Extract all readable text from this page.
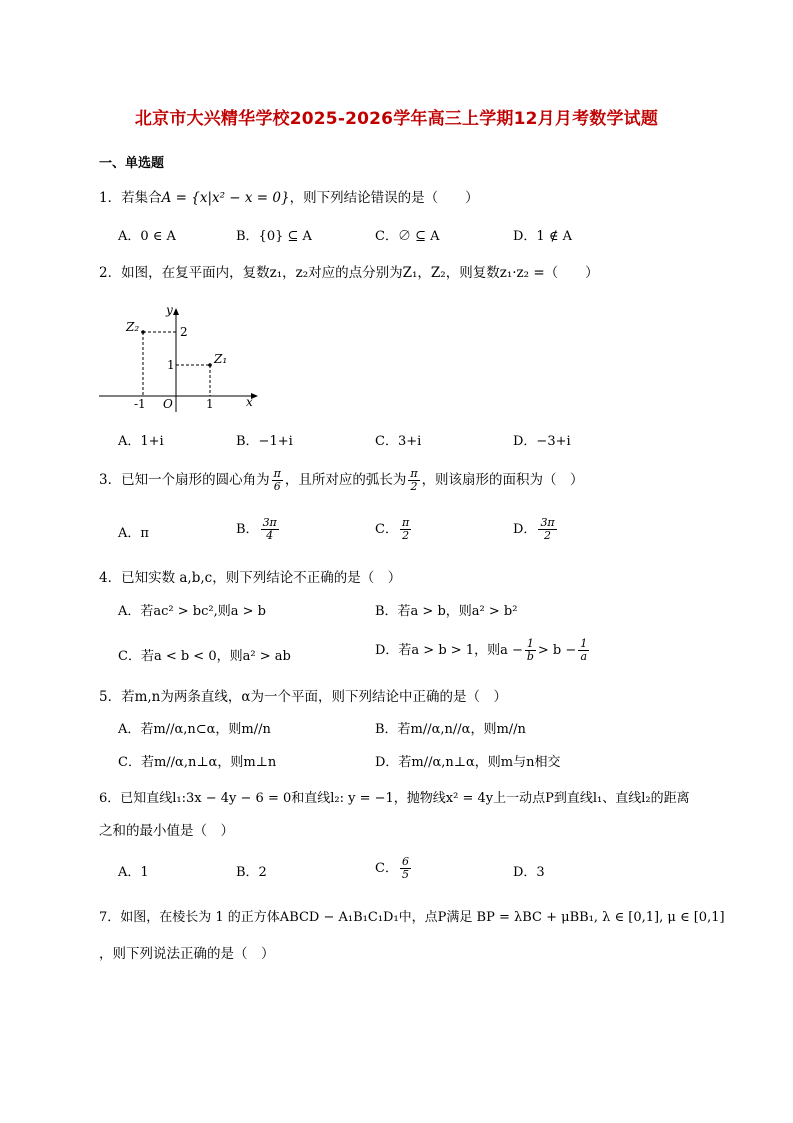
北京市大兴精华学校2025-2026学年高三上学期12月月考数学试题
一、单选题
1．若集合A = {x|x² − x = 0}，则下列结论错误的是（　　）
A．0 ∈ A	B．{0} ⊆ A	C．∅ ⊆ A	D．1 ∉ A
2．如图，在复平面内，复数z₁，z₂对应的点分别为Z₁，Z₂，则复数z₁·z₂ =（　　）
y
x
O
Z₂
Z₁
2
1
-1	1
A．1+i	B．−1+i	C．3+i	D．−3+i
3．已知一个扇形的圆心角为 $\frac{\pi}{6}$ ，且所对应的弧长为 $\frac{\pi}{2}$ ，则该扇形的面积为（　）
A．π	B． $\frac{3\pi}{4}$	C． $\frac{\pi}{2}$	D． $\frac{3\pi}{2}$
4．已知实数 a,b,c，则下列结论不正确的是（　）
A．若ac² > bc²,则a > b	B．若a > b，则a² > b²
C．若a < b < 0，则a² > ab	D．若a > b > 1，则$a - \frac{1}{b} > b - \frac{1}{a}$
5．若m,n为两条直线，α为一个平面，则下列结论中正确的是（　）
A．若m//α,n⊂α，则m//n	B．若m//α,n//α，则m//n
C．若m//α,n⊥α，则m⊥n	D．若m//α,n⊥α，则m与n相交
6．已知直线l₁:3x − 4y − 6 = 0和直线l₂: y = −1，抛物线x² = 4y上一动点P到直线l₁、直线l₂的距离
之和的最小值是（　）
A．1	B．2	C． $\frac{6}{5}$	D．3
7．如图，在棱长为 1 的正方体ABCD − A₁B₁C₁D₁中，点P满足 BP = λBC + μBB₁, λ ∈ [0,1], μ ∈ [0,1]
，则下列说法正确的是（　）
